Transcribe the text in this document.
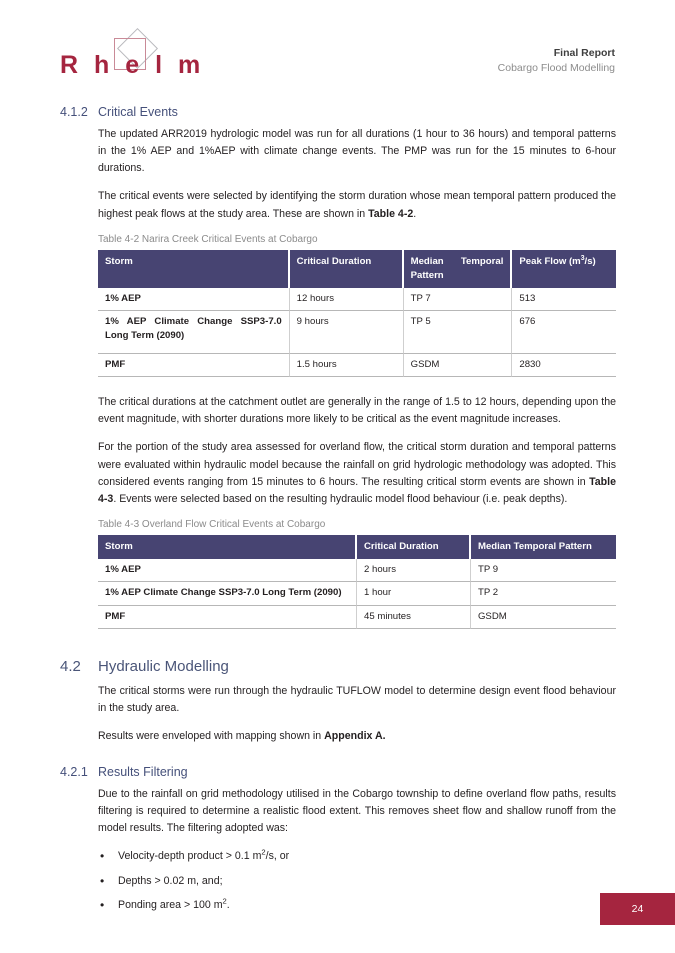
R h e l m	Final Report
Cobargo Flood Modelling
4.1.2 Critical Events

The updated ARR2019 hydrologic model was run for all durations (1 hour to 36 hours) and temporal patterns in the 1% AEP and 1%AEP with climate change events. The PMP was run for the 15 minutes to 6-hour durations.

The critical events were selected by identifying the storm duration whose mean temporal pattern produced the highest peak flows at the study area. These are shown in Table 4-2.

Table 4-2 Narira Creek Critical Events at Cobargo
Storm	Critical Duration	Median Temporal Pattern	Peak Flow $(m^3/s)$
1% AEP	12 hours	TP 7	513
1% AEP Climate Change SSP3-7.0 Long Term (2090)	9 hours	TP 5	676
PMF	1.5 hours	GSDM	2830

The critical durations at the catchment outlet are generally in the range of 1.5 to 12 hours, depending upon the event magnitude, with shorter durations more likely to be critical as the event magnitude increases.

For the portion of the study area assessed for overland flow, the critical storm duration and temporal patterns were evaluated within hydraulic model because the rainfall on grid hydrologic methodology was adopted. This considered events ranging from 15 minutes to 6 hours. The resulting critical storm events are shown in Table 4-3. Events were selected based on the resulting hydraulic model flood behaviour (i.e. peak depths).

Table 4-3 Overland Flow Critical Events at Cobargo
Storm	Critical Duration	Median Temporal Pattern
1% AEP	2 hours	TP 9
1% AEP Climate Change SSP3-7.0 Long Term (2090)	1 hour	TP 2
PMF	45 minutes	GSDM
4.2	Hydraulic Modelling

The critical storms were run through the hydraulic TUFLOW model to determine design event flood behaviour in the study area.

Results were enveloped with mapping shown in Appendix A.

4.2.1 Results Filtering

Due to the rainfall on grid methodology utilised in the Cobargo township to define overland flow paths, results filtering is required to determine a realistic flood extent. This removes sheet flow and shallow runoff from the model results. The filtering adopted was:

• Velocity-depth product > 0.1 $m^2/s$, or
• Depths > 0.02 m, and;
• Ponding area > 100 $m^2$.	24
